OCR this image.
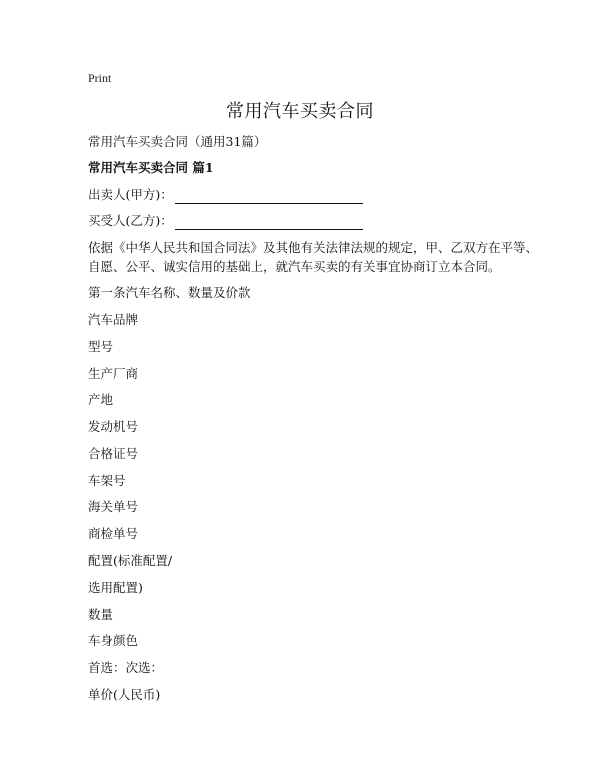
Print
常用汽车买卖合同
常用汽车买卖合同（通用31篇）
常用汽车买卖合同 篇1
出卖人(甲方)：
买受人(乙方)：

依据《中华人民共和国合同法》及其他有关法律法规的规定，甲、乙双方在平等、

自愿、公平、诚实信用的基础上，就汽车买卖的有关事宜协商订立本合同。

第一条汽车名称、数量及价款
汽车品牌
型号
生产厂商
产地
发动机号
合格证号
车架号
海关单号
商检单号
配置(标准配置/
选用配置)
数量
车身颜色
首选：次选：
单价(人民币)
